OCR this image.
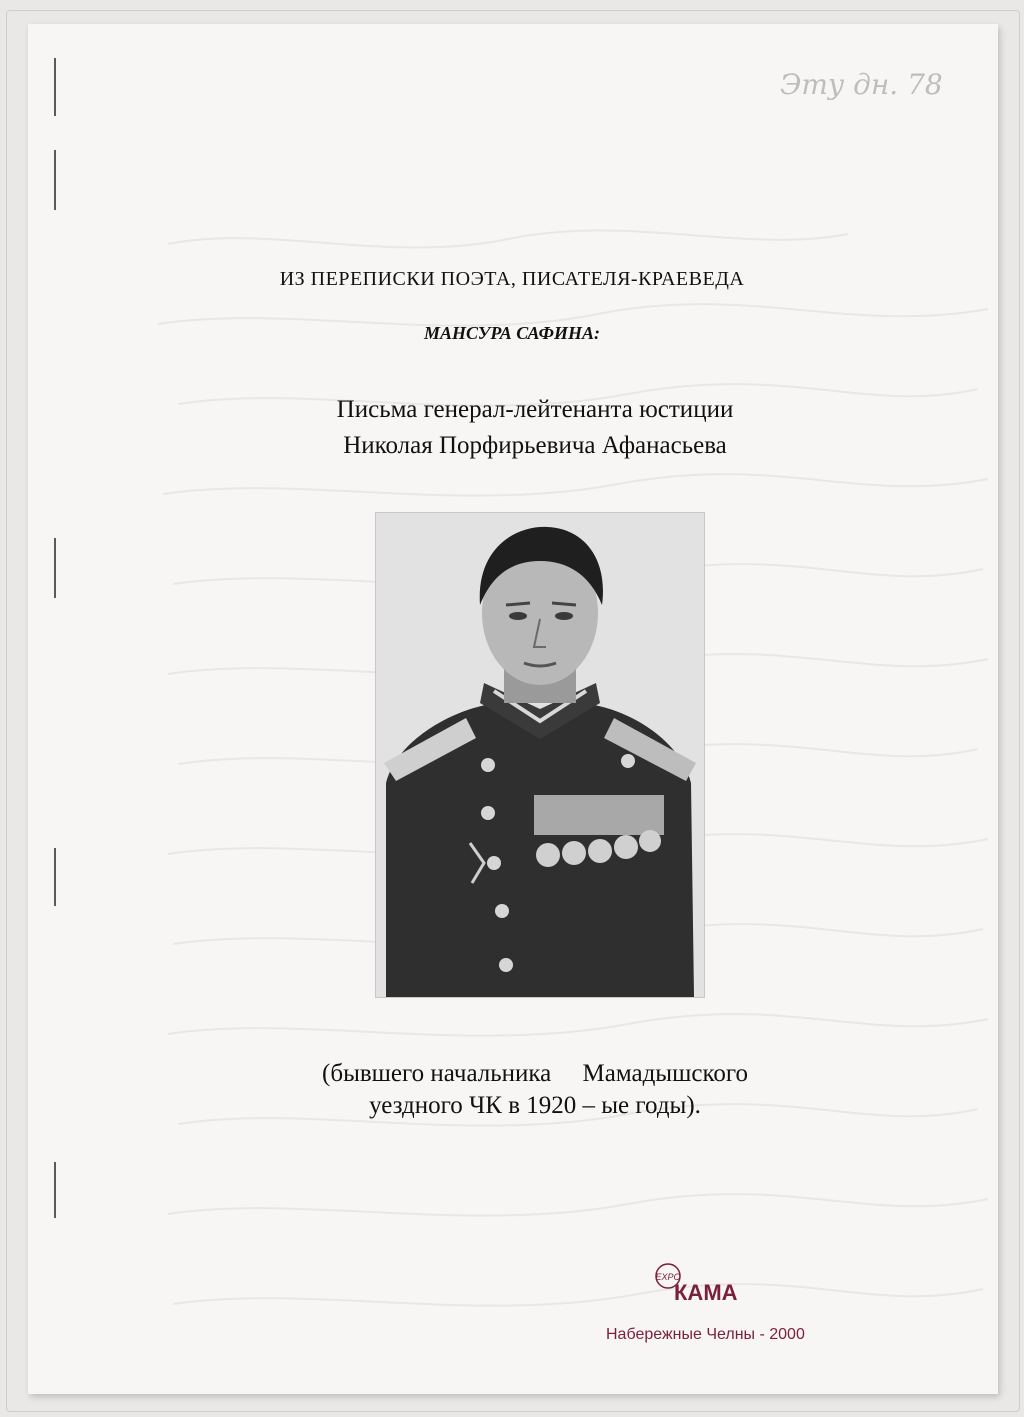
Эту дн. 78
ИЗ ПЕРЕПИСКИ ПОЭТА, ПИСАТЕЛЯ-КРАЕВЕДА
МАНСУРА САФИНА:
Письма генерал-лейтенанта юстиции
Николая Порфирьевича Афанасьева
(бывшего начальника     Мамадышского
уездного ЧК в 1920 – ые годы).
EXPO
КАМА
Набережные Челны - 2000
